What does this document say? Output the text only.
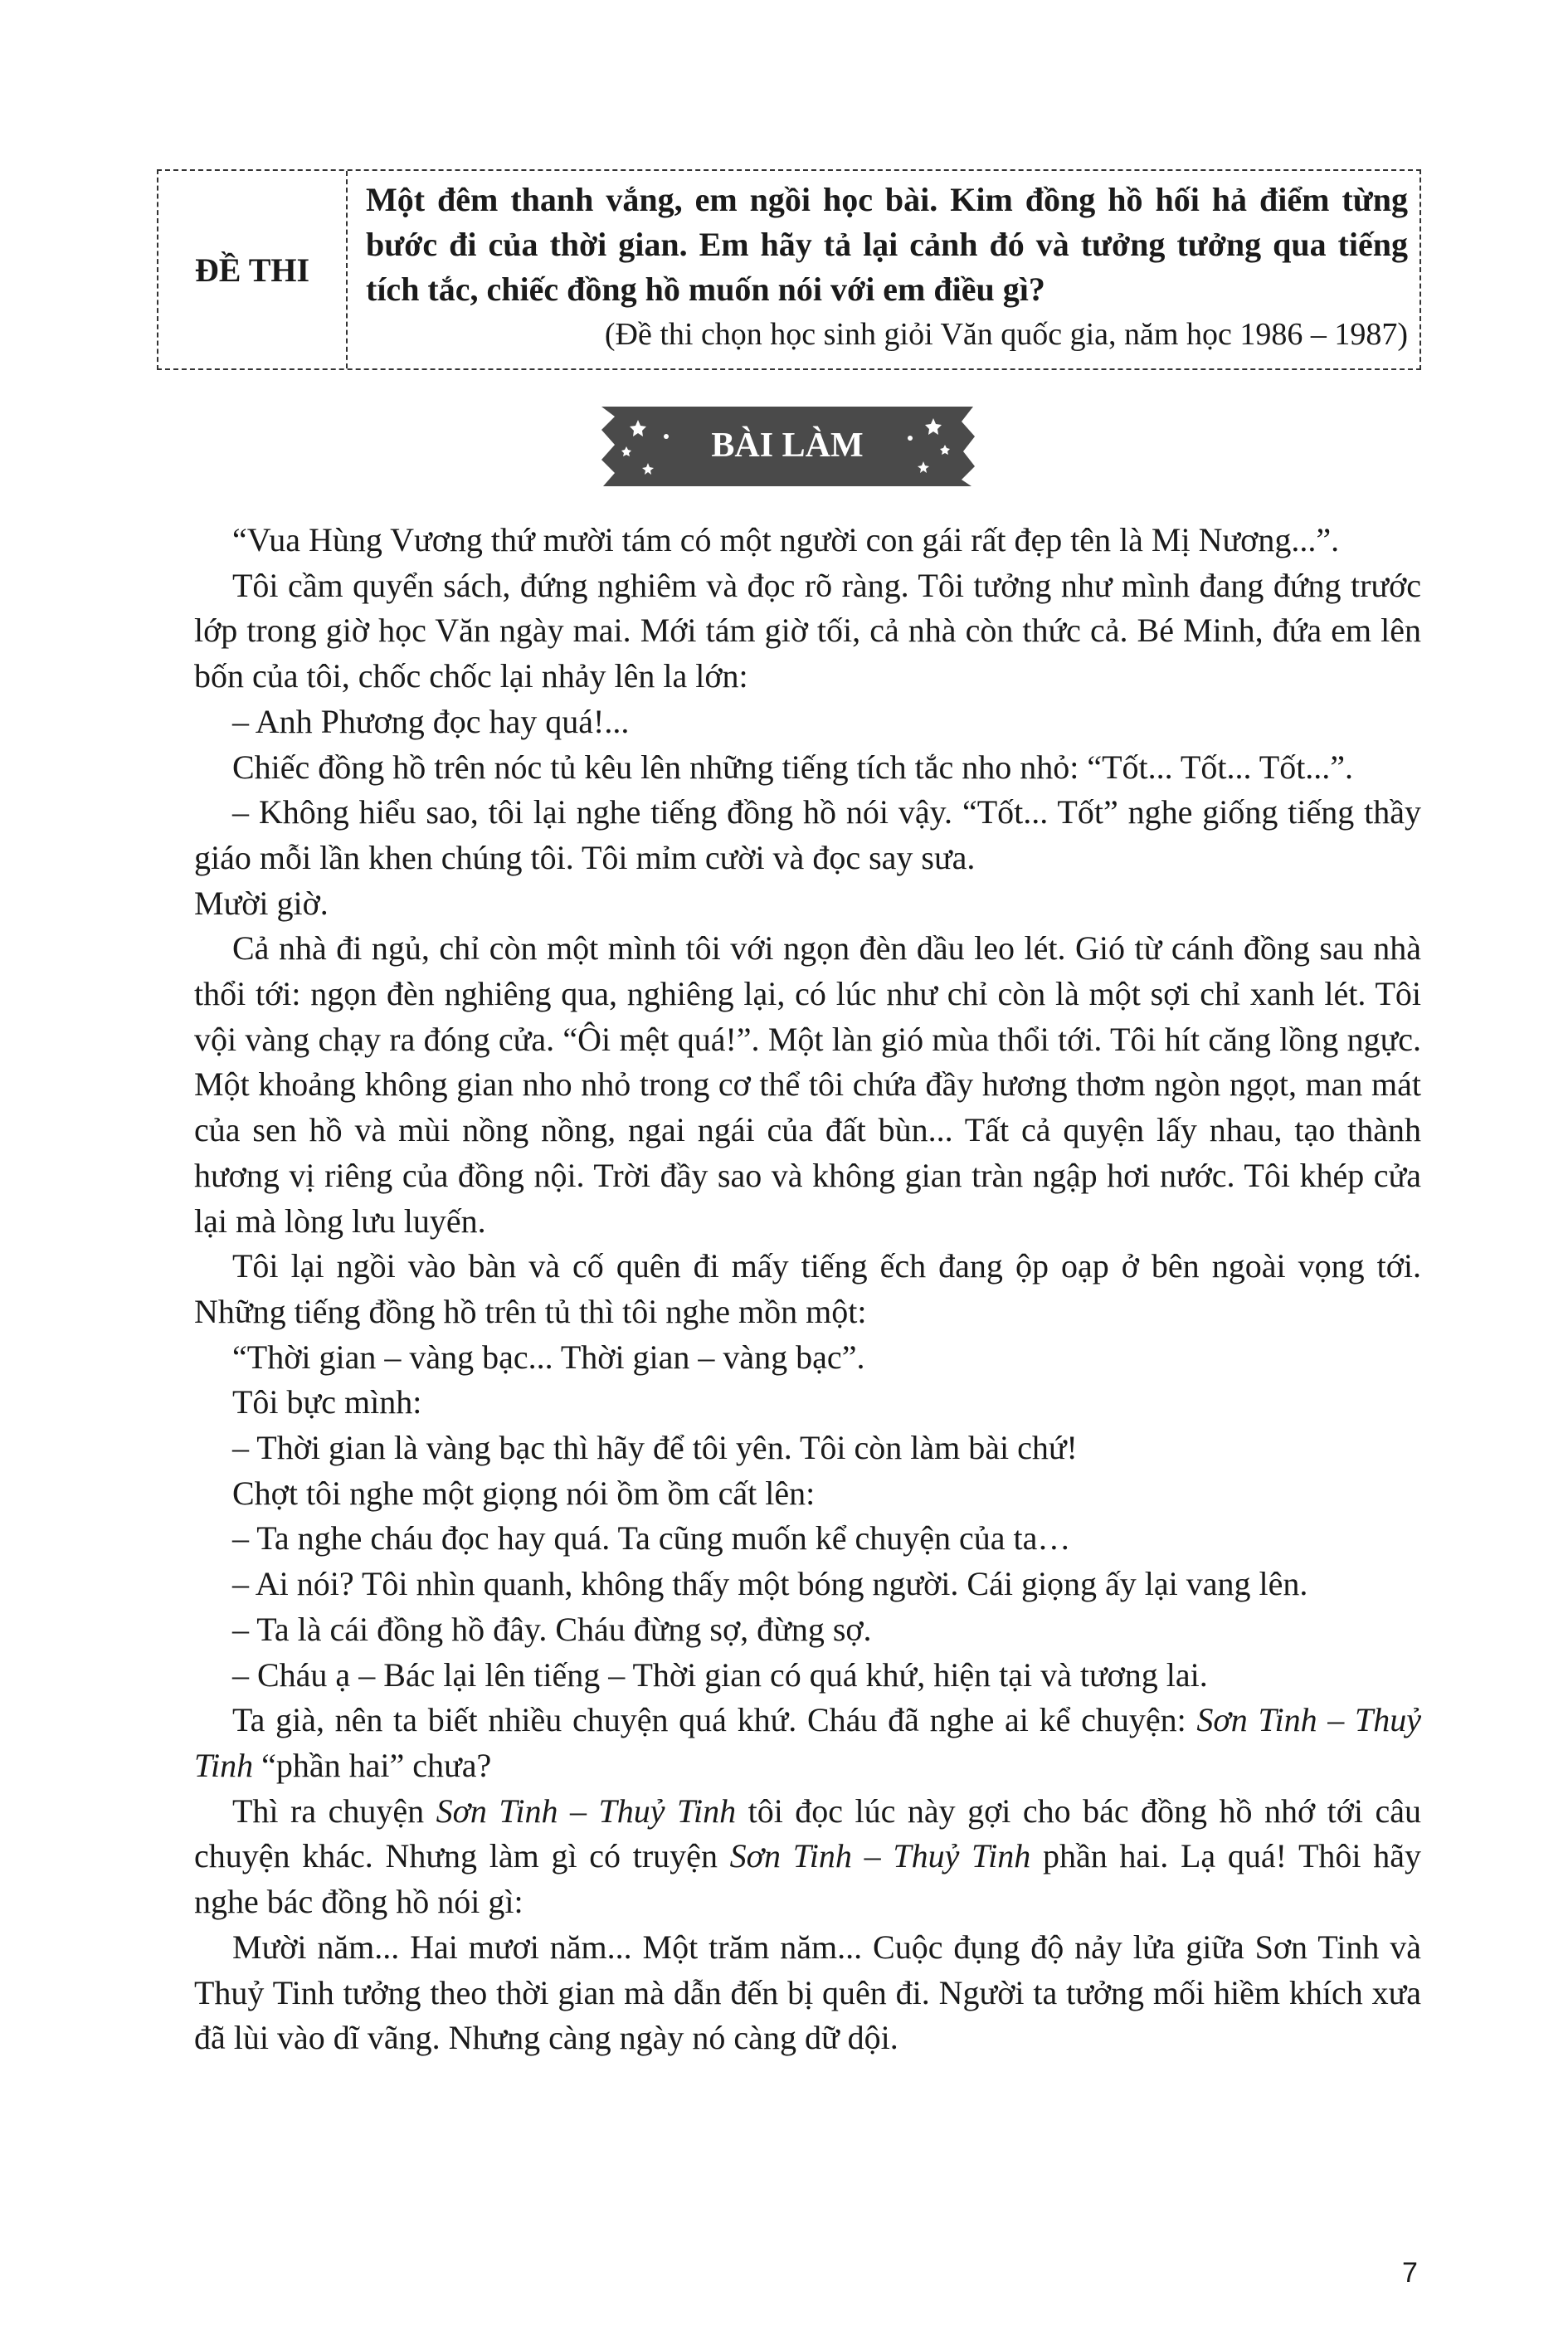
ĐỀ THI
Một đêm thanh vắng, em ngồi học bài. Kim đồng hồ hối hả điểm từng bước đi của thời gian. Em hãy tả lại cảnh đó và tưởng tưởng qua tiếng tích tắc, chiếc đồng hồ muốn nói với em điều gì?
(Đề thi chọn học sinh giỏi Văn quốc gia, năm học 1986 – 1987)
BÀI LÀM

“Vua Hùng Vương thứ mười tám có một người con gái rất đẹp tên là Mị Nương...”.

Tôi cầm quyển sách, đứng nghiêm và đọc rõ ràng. Tôi tưởng như mình đang đứng trước lớp trong giờ học Văn ngày mai. Mới tám giờ tối, cả nhà còn thức cả. Bé Minh, đứa em lên bốn của tôi, chốc chốc lại nhảy lên la lớn:

– Anh Phương đọc hay quá!...

Chiếc đồng hồ trên nóc tủ kêu lên những tiếng tích tắc nho nhỏ: “Tốt... Tốt... Tốt...”.

– Không hiểu sao, tôi lại nghe tiếng đồng hồ nói vậy. “Tốt... Tốt” nghe giống tiếng thầy giáo mỗi lần khen chúng tôi. Tôi mỉm cười và đọc say sưa.

Mười giờ.

Cả nhà đi ngủ, chỉ còn một mình tôi với ngọn đèn dầu leo lét. Gió từ cánh đồng sau nhà thổi tới: ngọn đèn nghiêng qua, nghiêng lại, có lúc như chỉ còn là một sợi chỉ xanh lét. Tôi vội vàng chạy ra đóng cửa. “Ôi mệt quá!”. Một làn gió mùa thổi tới. Tôi hít căng lồng ngực. Một khoảng không gian nho nhỏ trong cơ thể tôi chứa đầy hương thơm ngòn ngọt, man mát của sen hồ và mùi nồng nồng, ngai ngái của đất bùn... Tất cả quyện lấy nhau, tạo thành hương vị riêng của đồng nội. Trời đầy sao và không gian tràn ngập hơi nước. Tôi khép cửa lại mà lòng lưu luyến.

Tôi lại ngồi vào bàn và cố quên đi mấy tiếng ếch đang ộp oạp ở bên ngoài vọng tới. Những tiếng đồng hồ trên tủ thì tôi nghe mồn một:

“Thời gian – vàng bạc... Thời gian – vàng bạc”.

Tôi bực mình:

– Thời gian là vàng bạc thì hãy để tôi yên. Tôi còn làm bài chứ!

Chợt tôi nghe một giọng nói ồm ồm cất lên:

– Ta nghe cháu đọc hay quá. Ta cũng muốn kể chuyện của ta…

– Ai nói? Tôi nhìn quanh, không thấy một bóng người. Cái giọng ấy lại vang lên.

– Ta là cái đồng hồ đây. Cháu đừng sợ, đừng sợ.

– Cháu ạ – Bác lại lên tiếng – Thời gian có quá khứ, hiện tại và tương lai.

Ta già, nên ta biết nhiều chuyện quá khứ. Cháu đã nghe ai kể chuyện: Sơn Tinh – Thuỷ Tinh “phần hai” chưa?

Thì ra chuyện Sơn Tinh – Thuỷ Tinh tôi đọc lúc này gợi cho bác đồng hồ nhớ tới câu chuyện khác. Nhưng làm gì có truyện Sơn Tinh – Thuỷ Tinh phần hai. Lạ quá! Thôi hãy nghe bác đồng hồ nói gì:

Mười năm... Hai mươi năm... Một trăm năm... Cuộc đụng độ nảy lửa giữa Sơn Tinh và Thuỷ Tinh tưởng theo thời gian mà dẫn đến bị quên đi. Người ta tưởng mối hiềm khích xưa đã lùi vào dĩ vãng. Nhưng càng ngày nó càng dữ dội.

7
